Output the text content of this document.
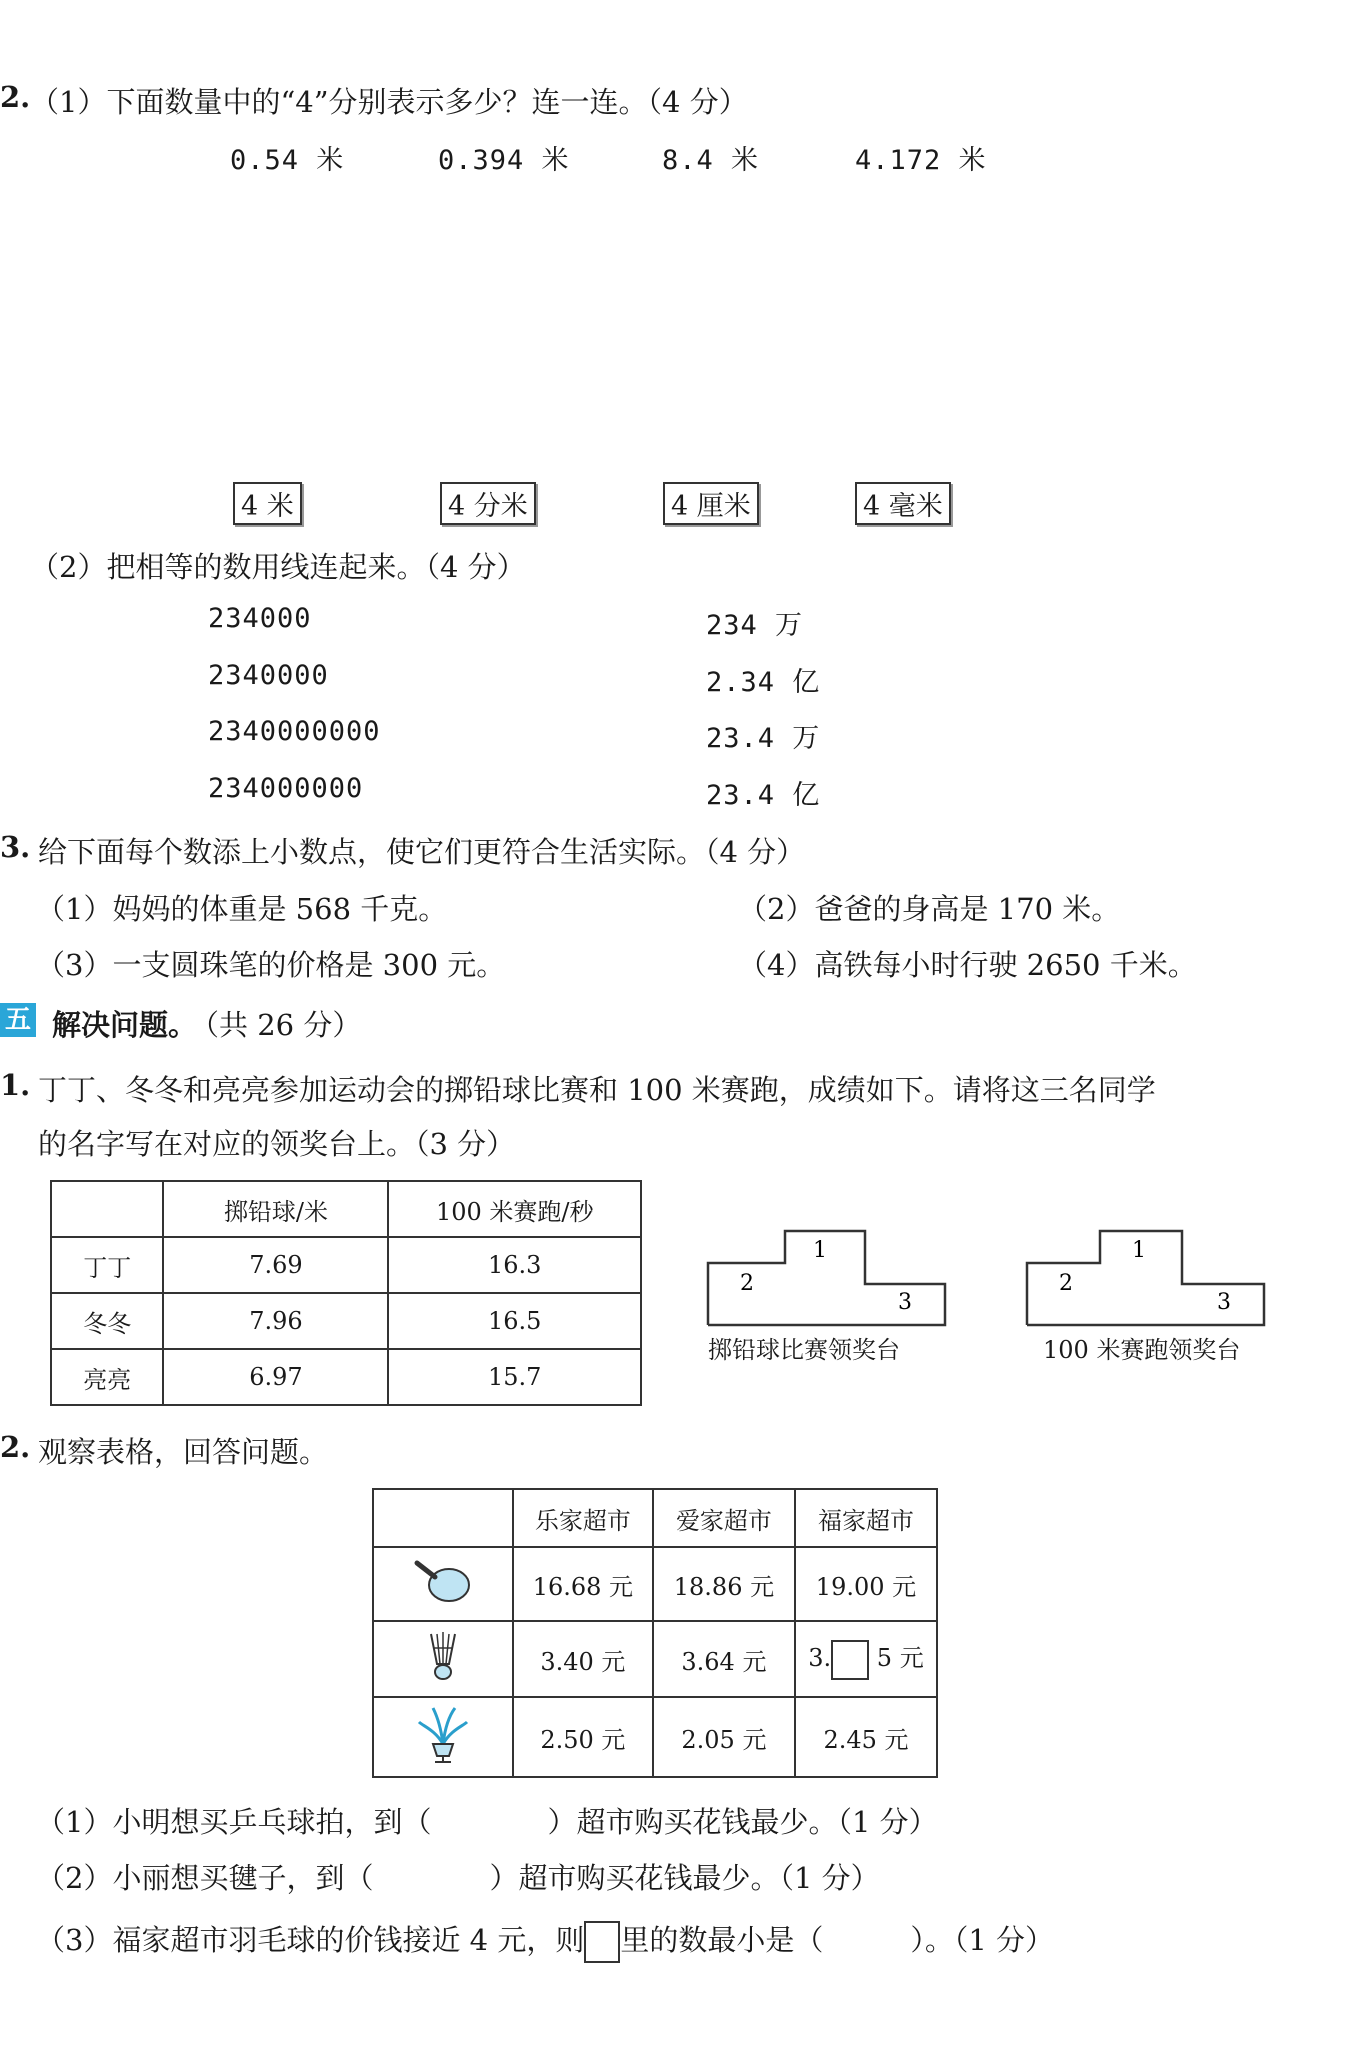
2. （1）下面数量中的“4”分别表示多少？连一连。（4 分）
0.54 米	0.394 米	8.4 米	4.172 米
4 米	4 分米	4 厘米	4 毫米
（2）把相等的数用线连起来。（4 分）
234000
2340000
2340000000
234000000
234 万
2.34 亿
23.4 万
23.4 亿
3. 给下面每个数添上小数点，使它们更符合生活实际。（4 分）
（1）妈妈的体重是 568 千克。	（2）爸爸的身高是 170 米。
（3）一支圆珠笔的价格是 300 元。	（4）高铁每小时行驶 2650 千米。
五 解决问题。
（共 26 分）
1. 丁丁、冬冬和亮亮参加运动会的掷铅球比赛和 100 米赛跑，成绩如下。请将这三名同学
的名字写在对应的领奖台上。（3 分）
	掷铅球/米	100 米赛跑/秒
丁丁	7.69	16.3
冬冬	7.96	16.5
亮亮	6.97	15.7
1
2
3
掷铅球比赛领奖台
1
2
3
100 米赛跑领奖台
2. 观察表格，回答问题。
	乐家超市	爱家超市	福家超市
	16.68 元	18.86 元	19.00 元
	3.40 元	3.64 元	3. 5 元
	2.50 元	2.05 元	2.45 元
（1）小明想买乒乓球拍，到（　　　　）超市购买花钱最少。（1 分）
（2）小丽想买毽子，到（　　　　）超市购买花钱最少。（1 分）
（3）福家超市羽毛球的价钱接近 4 元，则 里的数最小是（　　　）。（1 分）
